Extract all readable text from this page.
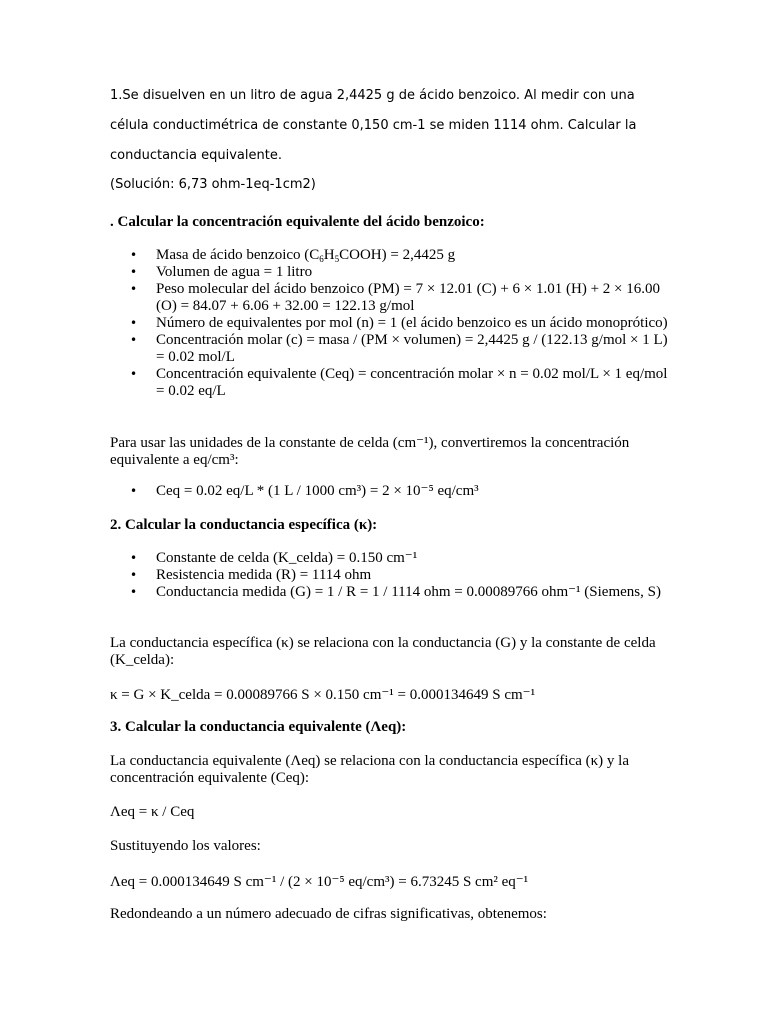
1.Se disuelven en un litro de agua 2,4425 g de ácido benzoico. Al medir con una célula conductimétrica de constante 0,150 cm-1 se miden 1114 ohm. Calcular la conductancia equivalente.

(Solución: 6,73 ohm-1eq-1cm2)

. Calcular la concentración equivalente del ácido benzoico:
• Masa de ácido benzoico $(C_6H_5COOH) = 2,4425$ g
• Volumen de agua = 1 litro
• Peso molecular del ácido benzoico (PM) = 7 × 12.01 (C) + 6 × 1.01 (H) + 2 × 16.00 (O) = 84.07 + 6.06 + 32.00 = 122.13 g/mol
• Número de equivalentes por mol (n) = 1 (el ácido benzoico es un ácido monoprótico)
• Concentración molar (c) = masa / (PM × volumen) = 2,4425 g / (122.13 g/mol × 1 L) = 0.02 mol/L
• Concentración equivalente (Ceq) = concentración molar × n = 0.02 mol/L × 1 eq/mol = 0.02 eq/L

Para usar las unidades de la constante de celda (cm⁻¹), convertiremos la concentración equivalente a eq/cm³:

• Ceq = 0.02 eq/L * (1 L / 1000 cm³) = 2 × 10⁻⁵ eq/cm³
2. Calcular la conductancia específica (κ):
• Constante de celda (K_celda) = 0.150 cm⁻¹
• Resistencia medida (R) = 1114 ohm
• Conductancia medida (G) = 1 / R = 1 / 1114 ohm = 0.00089766 ohm⁻¹ (Siemens, S)

La conductancia específica (κ) se relaciona con la conductancia (G) y la constante de celda (K_celda):

κ = G × K_celda = 0.00089766 S × 0.150 cm⁻¹ = 0.000134649 S cm⁻¹

3. Calcular la conductancia equivalente (Λeq):

La conductancia equivalente (Λeq) se relaciona con la conductancia específica (κ) y la concentración equivalente (Ceq):

Λeq = κ / Ceq

Sustituyendo los valores:

Λeq = 0.000134649 S cm⁻¹ / (2 × 10⁻⁵ eq/cm³) = 6.73245 S cm² eq⁻¹

Redondeando a un número adecuado de cifras significativas, obtenemos:
